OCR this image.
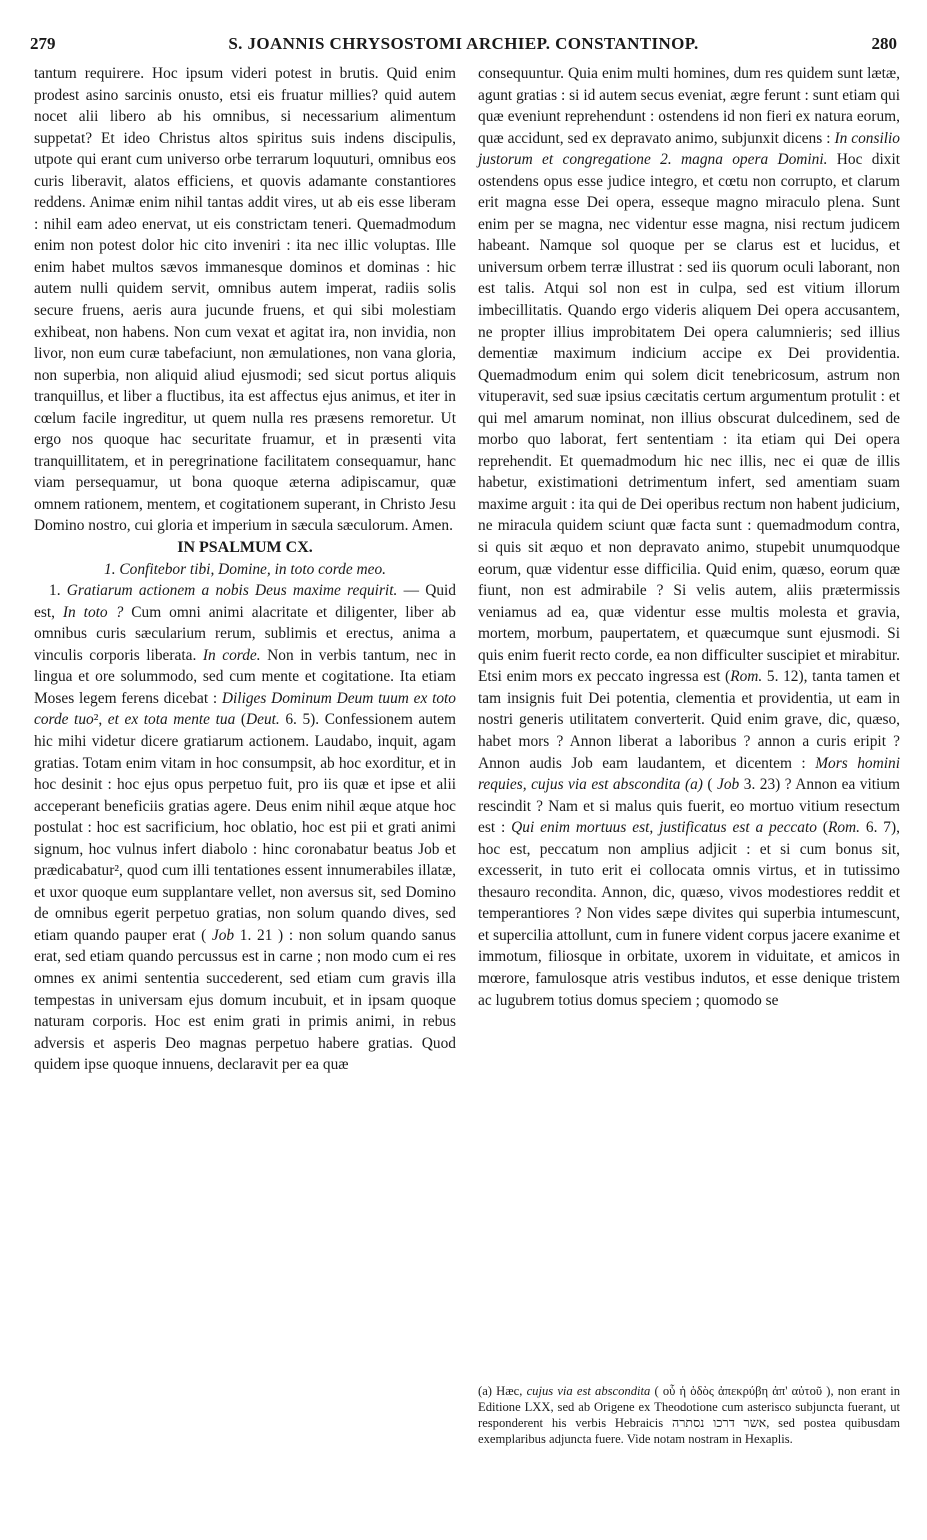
279	S. JOANNIS CHRYSOSTOMI ARCHIEP. CONSTANTINOP.	280

tantum requirere. Hoc ipsum videri potest in brutis. Quid enim prodest asino sarcinis onusto, etsi eis fruatur millies? quid autem nocet alii libero ab his omnibus, si necessarium alimentum suppetat? Et ideo Christus altos spiritus suis indens discipulis, utpote qui erant cum universo orbe terrarum loquuturi, omnibus eos curis liberavit, alatos efficiens, et quovis adamante constantiores reddens. Animæ enim nihil tantas addit vires, ut ab eis esse liberam : nihil eam adeo enervat, ut eis constrictam teneri. Quemadmodum enim non potest dolor hic cito inveniri : ita nec illic voluptas. Ille enim habet multos sævos immanesque dominos et dominas : hic autem nulli quidem servit, omnibus autem imperat, radiis solis secure fruens, aeris aura jucunde fruens, et qui sibi molestiam exhibeat, non habens. Non cum vexat et agitat ira, non invidia, non livor, non eum curæ tabefaciunt, non æmulationes, non vana gloria, non superbia, non aliquid aliud ejusmodi; sed sicut portus aliquis tranquillus, et liber a fluctibus, ita est affectus ejus animus, et iter in cœlum facile ingreditur, ut quem nulla res præsens remoretur. Ut ergo nos quoque hac securitate fruamur, et in præsenti vita tranquillitatem, et in peregrinatione facilitatem consequamur, hanc viam persequamur, ut bona quoque æterna adipiscamur, quæ omnem rationem, mentem, et cogitationem superant, in Christo Jesu Domino nostro, cui gloria et imperium in sæcula sæculorum. Amen.

IN PSALMUM CX.

1. Confitebor tibi, Domine, in toto corde meo.

1. Gratiarum actionem a nobis Deus maxime requirit. — Quid est, In toto ? Cum omni animi alacritate et diligenter, liber ab omnibus curis sæcularium rerum, sublimis et erectus, anima a vinculis corporis liberata. In corde. Non in verbis tantum, nec in lingua et ore solummodo, sed cum mente et cogitatione. Ita etiam Moses legem ferens dicebat : Diliges Dominum Deum tuum ex toto corde tuo², et ex tota mente tua (Deut. 6. 5). Confessionem autem hic mihi videtur dicere gratiarum actionem. Laudabo, inquit, agam gratias. Totam enim vitam in hoc consumpsit, ab hoc exorditur, et in hoc desinit : hoc ejus opus perpetuo fuit, pro iis quæ et ipse et alii acceperant beneficiis gratias agere. Deus enim nihil æque atque hoc postulat : hoc est sacrificium, hoc oblatio, hoc est pii et grati animi signum, hoc vulnus infert diabolo : hinc coronabatur beatus Job et prædicabatur², quod cum illi tentationes essent innumerabiles illatæ, et uxor quoque eum supplantare vellet, non aversus sit, sed Domino de omnibus egerit perpetuo gratias, non solum quando dives, sed etiam quando pauper erat ( Job 1. 21 ) : non solum quando sanus erat, sed etiam quando percussus est in carne ; non modo cum ei res omnes ex animi sententia succederent, sed etiam cum gravis illa tempestas in universam ejus domum incubuit, et in ipsam quoque naturam corporis. Hoc est enim grati in primis animi, in rebus adversis et asperis Deo magnas perpetuo habere gratias. Quod quidem ipse quoque innuens, declaravit per ea quæ

consequuntur. Quia enim multi homines, dum res quidem sunt lætæ, agunt gratias : si id autem secus eveniat, ægre ferunt : sunt etiam qui quæ eveniunt reprehendunt : ostendens id non fieri ex natura eorum, quæ accidunt, sed ex depravato animo, subjunxit dicens : In consilio justorum et congregatione 2. magna opera Domini. Hoc dixit ostendens opus esse judice integro, et cœtu non corrupto, et clarum erit magna esse Dei opera, esseque magno miraculo plena. Sunt enim per se magna, nec videntur esse magna, nisi rectum judicem habeant. Namque sol quoque per se clarus est et lucidus, et universum orbem terræ illustrat : sed iis quorum oculi laborant, non est talis. Atqui sol non est in culpa, sed est vitium illorum imbecillitatis. Quando ergo videris aliquem Dei opera accusantem, ne propter illius improbitatem Dei opera calumnieris; sed illius dementiæ maximum indicium accipe ex Dei providentia. Quemadmodum enim qui solem dicit tenebricosum, astrum non vituperavit, sed suæ ipsius cæcitatis certum argumentum protulit : et qui mel amarum nominat, non illius obscurat dulcedinem, sed de morbo quo laborat, fert sententiam : ita etiam qui Dei opera reprehendit. Et quemadmodum hic nec illis, nec ei quæ de illis habetur, existimationi detrimentum infert, sed amentiam suam maxime arguit : ita qui de Dei operibus rectum non habent judicium, ne miracula quidem sciunt quæ facta sunt : quemadmodum contra, si quis sit æquo et non depravato animo, stupebit unumquodque eorum, quæ videntur esse difficilia. Quid enim, quæso, eorum quæ fiunt, non est admirabile ? Si velis autem, aliis prætermissis veniamus ad ea, quæ videntur esse multis molesta et gravia, mortem, morbum, paupertatem, et quæcumque sunt ejusmodi. Si quis enim fuerit recto corde, ea non difficulter suscipiet et mirabitur. Etsi enim mors ex peccato ingressa est (Rom. 5. 12), tanta tamen et tam insignis fuit Dei potentia, clementia et providentia, ut eam in nostri generis utilitatem converterit. Quid enim grave, dic, quæso, habet mors ? Annon liberat a laboribus ? annon a curis eripit ? Annon audis Job eam laudantem, et dicentem : Mors homini requies, cujus via est abscondita (a) ( Job 3. 23) ? Annon ea vitium rescindit ? Nam et si malus quis fuerit, eo mortuo vitium resectum est : Qui enim mortuus est, justificatus est a peccato (Rom. 6. 7), hoc est, peccatum non amplius adjicit : et si cum bonus sit, excesserit, in tuto erit ei collocata omnis virtus, et in tutissimo thesauro recondita. Annon, dic, quæso, vivos modestiores reddit et temperantiores ? Non vides sæpe divites qui superbia intumescunt, et supercilia attollunt, cum in funere vident corpus jacere exanime et immotum, filiosque in orbitate, uxorem in viduitate, et amicos in mœrore, famulosque atris vestibus indutos, et esse denique tristem ac lugubrem totius domus speciem ; quomodo se

(a) Hæc, cujus via est abscondita ( οὗ ἡ ὁδὸς ἀπεκρύβη ἀπ' αὐτοῦ ), non erant in Editione LXX, sed ab Origene ex Theodotione cum asterisco subjuncta fuerant, ut responderent his verbis Hebraicis אשר דרכו נסתרה, sed postea quibusdam exemplaribus adjuncta fuere. Vide notam nostram in Hexaplis.
